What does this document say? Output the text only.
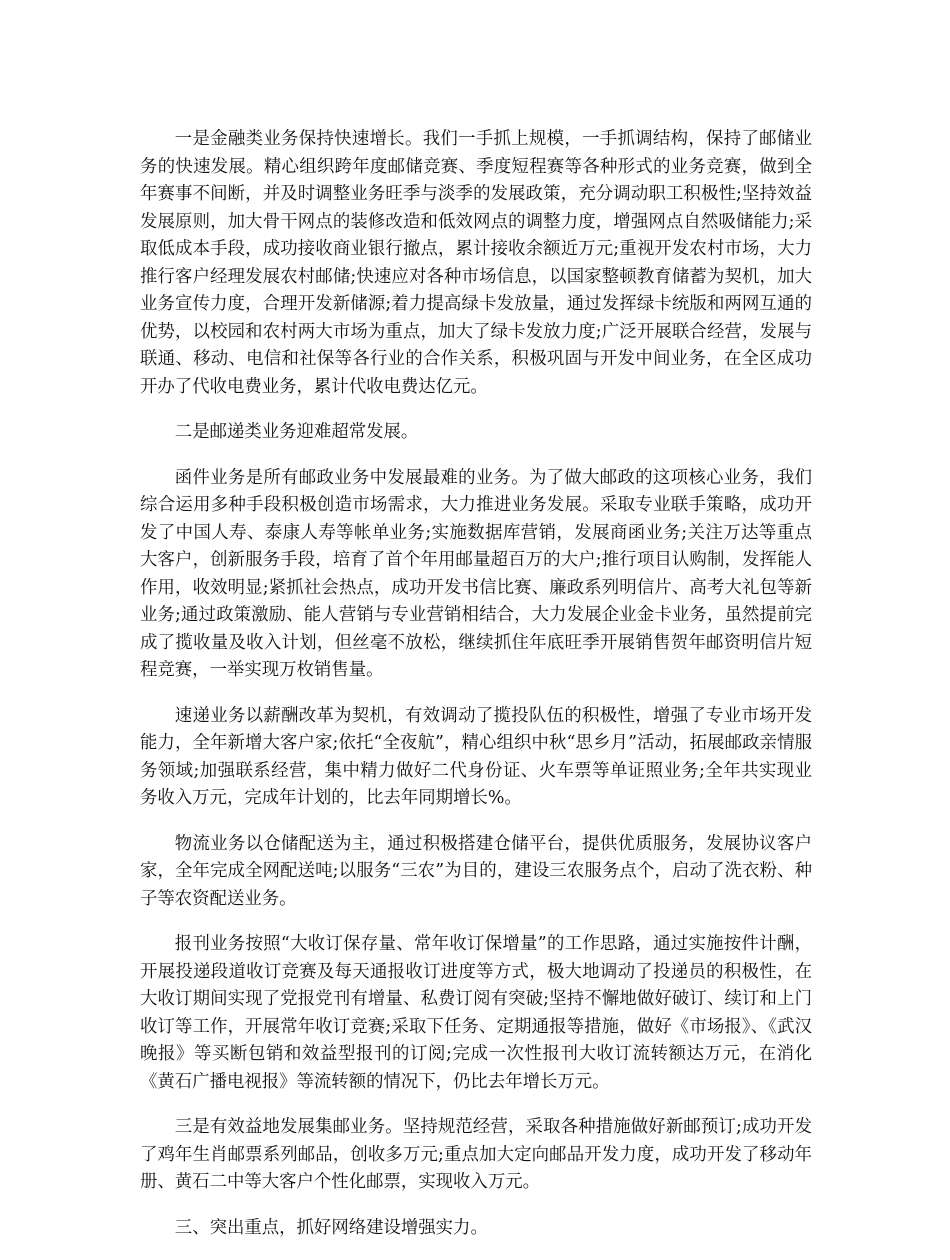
一是金融类业务保持快速增长。我们一手抓上规模，一手抓调结构，保持了邮储业务的快速发展。精心组织跨年度邮储竞赛、季度短程赛等各种形式的业务竞赛，做到全年赛事不间断，并及时调整业务旺季与淡季的发展政策，充分调动职工积极性;坚持效益发展原则，加大骨干网点的装修改造和低效网点的调整力度，增强网点自然吸储能力;采取低成本手段，成功接收商业银行撤点，累计接收余额近万元;重视开发农村市场，大力推行客户经理发展农村邮储;快速应对各种市场信息，以国家整顿教育储蓄为契机，加大业务宣传力度，合理开发新储源;着力提高绿卡发放量，通过发挥绿卡统版和两网互通的优势，以校园和农村两大市场为重点，加大了绿卡发放力度;广泛开展联合经营，发展与联通、移动、电信和社保等各行业的合作关系，积极巩固与开发中间业务，在全区成功开办了代收电费业务，累计代收电费达亿元。

二是邮递类业务迎难超常发展。

函件业务是所有邮政业务中发展最难的业务。为了做大邮政的这项核心业务，我们综合运用多种手段积极创造市场需求，大力推进业务发展。采取专业联手策略，成功开发了中国人寿、泰康人寿等帐单业务;实施数据库营销，发展商函业务;关注万达等重点大客户，创新服务手段，培育了首个年用邮量超百万的大户;推行项目认购制，发挥能人作用，收效明显;紧抓社会热点，成功开发书信比赛、廉政系列明信片、高考大礼包等新业务;通过政策激励、能人营销与专业营销相结合，大力发展企业金卡业务，虽然提前完成了揽收量及收入计划，但丝毫不放松，继续抓住年底旺季开展销售贺年邮资明信片短程竞赛，一举实现万枚销售量。

速递业务以薪酬改革为契机，有效调动了揽投队伍的积极性，增强了专业市场开发能力，全年新增大客户家;依托“全夜航”，精心组织中秋“思乡月”活动，拓展邮政亲情服务领域;加强联系经营，集中精力做好二代身份证、火车票等单证照业务;全年共实现业务收入万元，完成年计划的，比去年同期增长%。

物流业务以仓储配送为主，通过积极搭建仓储平台，提供优质服务，发展协议客户家，全年完成全网配送吨;以服务“三农”为目的，建设三农服务点个，启动了洗衣粉、种子等农资配送业务。

报刊业务按照“大收订保存量、常年收订保增量”的工作思路，通过实施按件计酬，开展投递段道收订竞赛及每天通报收订进度等方式，极大地调动了投递员的积极性，在大收订期间实现了党报党刊有增量、私费订阅有突破;坚持不懈地做好破订、续订和上门收订等工作，开展常年收订竞赛;采取下任务、定期通报等措施，做好《市场报》、《武汉晚报》等买断包销和效益型报刊的订阅;完成一次性报刊大收订流转额达万元，在消化《黄石广播电视报》等流转额的情况下，仍比去年增长万元。

三是有效益地发展集邮业务。坚持规范经营，采取各种措施做好新邮预订;成功开发了鸡年生肖邮票系列邮品，创收多万元;重点加大定向邮品开发力度，成功开发了移动年册、黄石二中等大客户个性化邮票，实现收入万元。

三、突出重点，抓好网络建设增强实力。
